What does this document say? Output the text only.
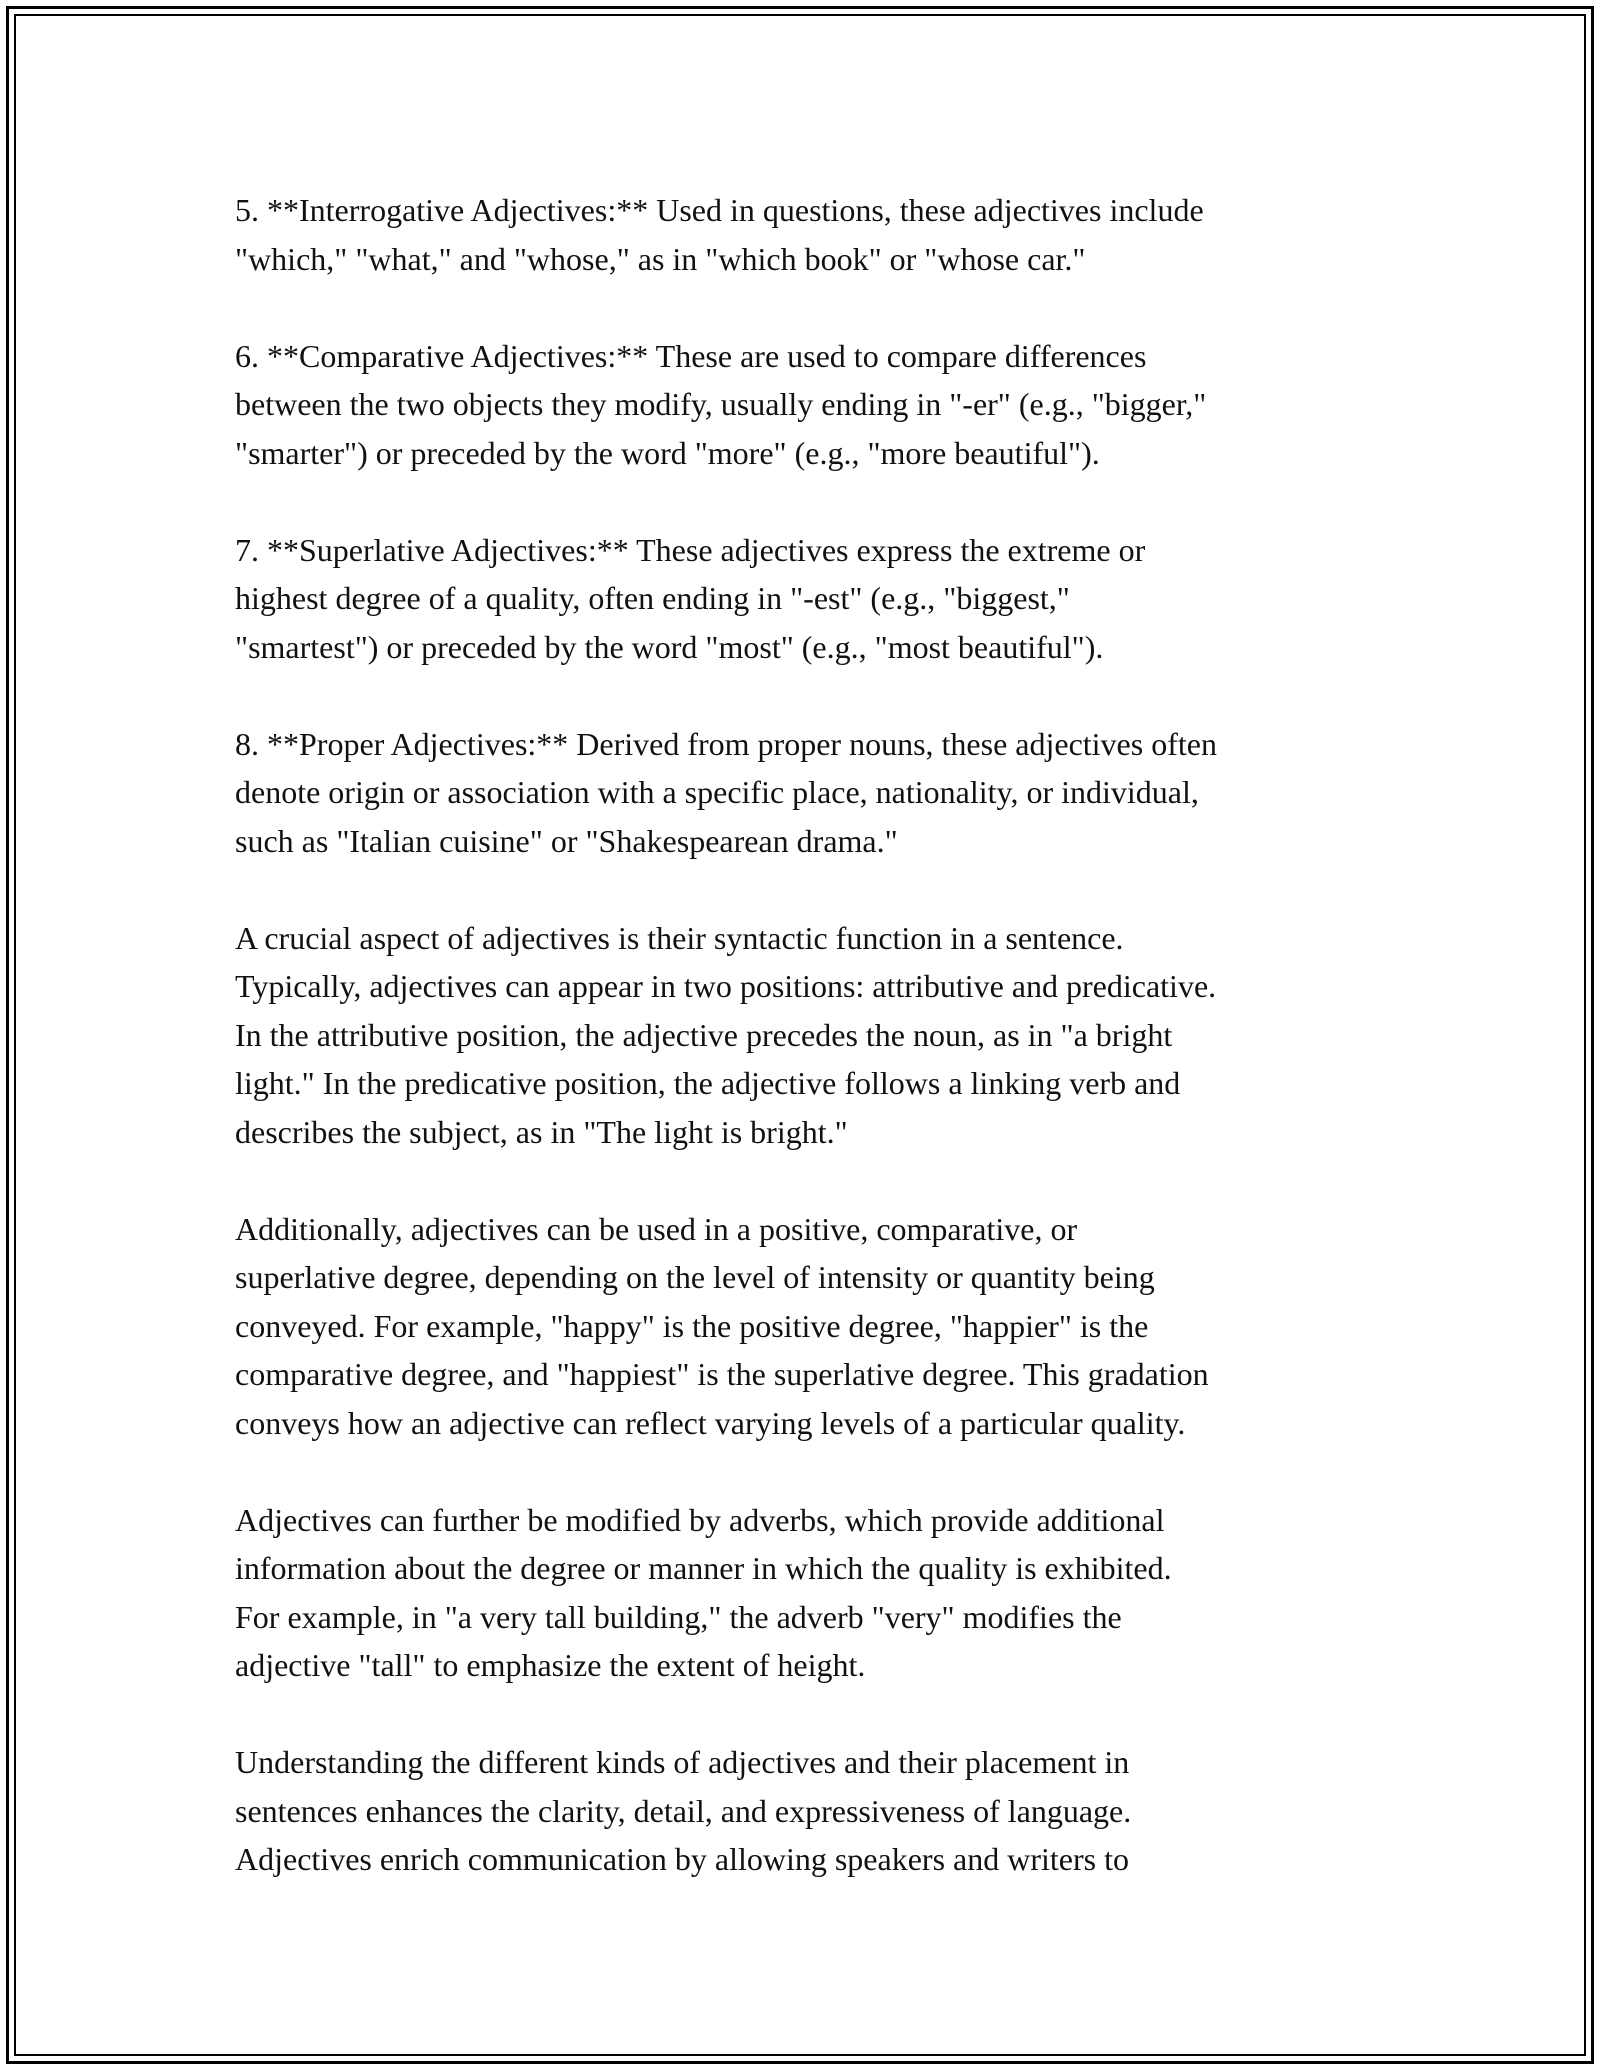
5. **Interrogative Adjectives:** Used in questions, these adjectives include
"which," "what," and "whose," as in "which book" or "whose car."

6. **Comparative Adjectives:** These are used to compare differences
between the two objects they modify, usually ending in "-er" (e.g., "bigger,"
"smarter") or preceded by the word "more" (e.g., "more beautiful").

7. **Superlative Adjectives:** These adjectives express the extreme or
highest degree of a quality, often ending in "-est" (e.g., "biggest,"
"smartest") or preceded by the word "most" (e.g., "most beautiful").

8. **Proper Adjectives:** Derived from proper nouns, these adjectives often
denote origin or association with a specific place, nationality, or individual,
such as "Italian cuisine" or "Shakespearean drama."

A crucial aspect of adjectives is their syntactic function in a sentence.
Typically, adjectives can appear in two positions: attributive and predicative.
In the attributive position, the adjective precedes the noun, as in "a bright
light." In the predicative position, the adjective follows a linking verb and
describes the subject, as in "The light is bright."

Additionally, adjectives can be used in a positive, comparative, or
superlative degree, depending on the level of intensity or quantity being
conveyed. For example, "happy" is the positive degree, "happier" is the
comparative degree, and "happiest" is the superlative degree. This gradation
conveys how an adjective can reflect varying levels of a particular quality.

Adjectives can further be modified by adverbs, which provide additional
information about the degree or manner in which the quality is exhibited.
For example, in "a very tall building," the adverb "very" modifies the
adjective "tall" to emphasize the extent of height.

Understanding the different kinds of adjectives and their placement in
sentences enhances the clarity, detail, and expressiveness of language.
Adjectives enrich communication by allowing speakers and writers to
